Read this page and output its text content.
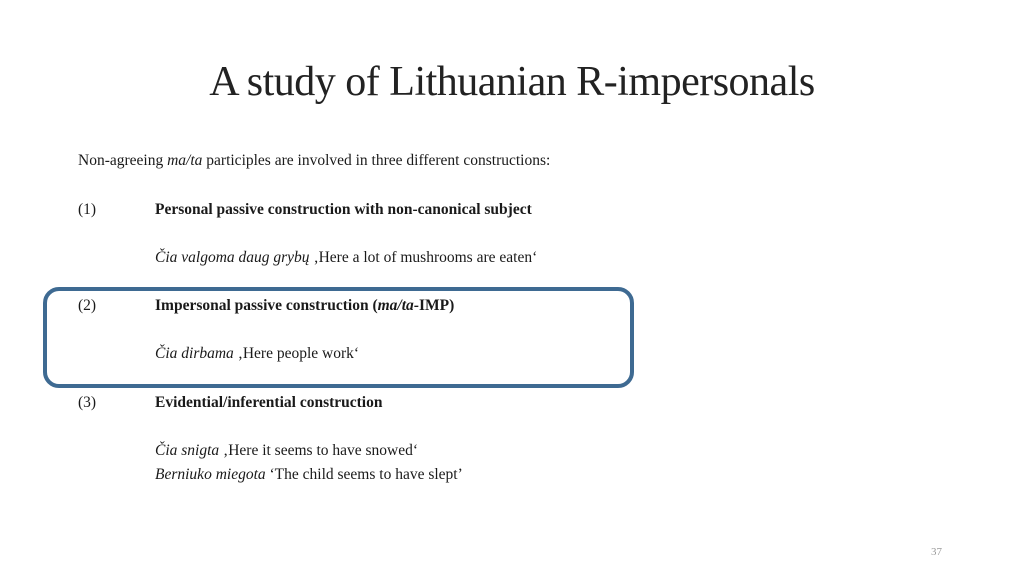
A study of Lithuanian R-impersonals
Non-agreeing ma/ta participles are involved in three different constructions:
(1)	Personal passive construction with non-canonical subject
Čia valgoma daug grybų ‚Here a lot of mushrooms are eaten‘
(2)	Impersonal passive construction (ma/ta-IMP)
Čia dirbama ‚Here people work‘
(3)	Evidential/inferential construction
Čia snigta ‚Here it seems to have snowed‘
Berniuko miegota ‘The child seems to have slept’
37
